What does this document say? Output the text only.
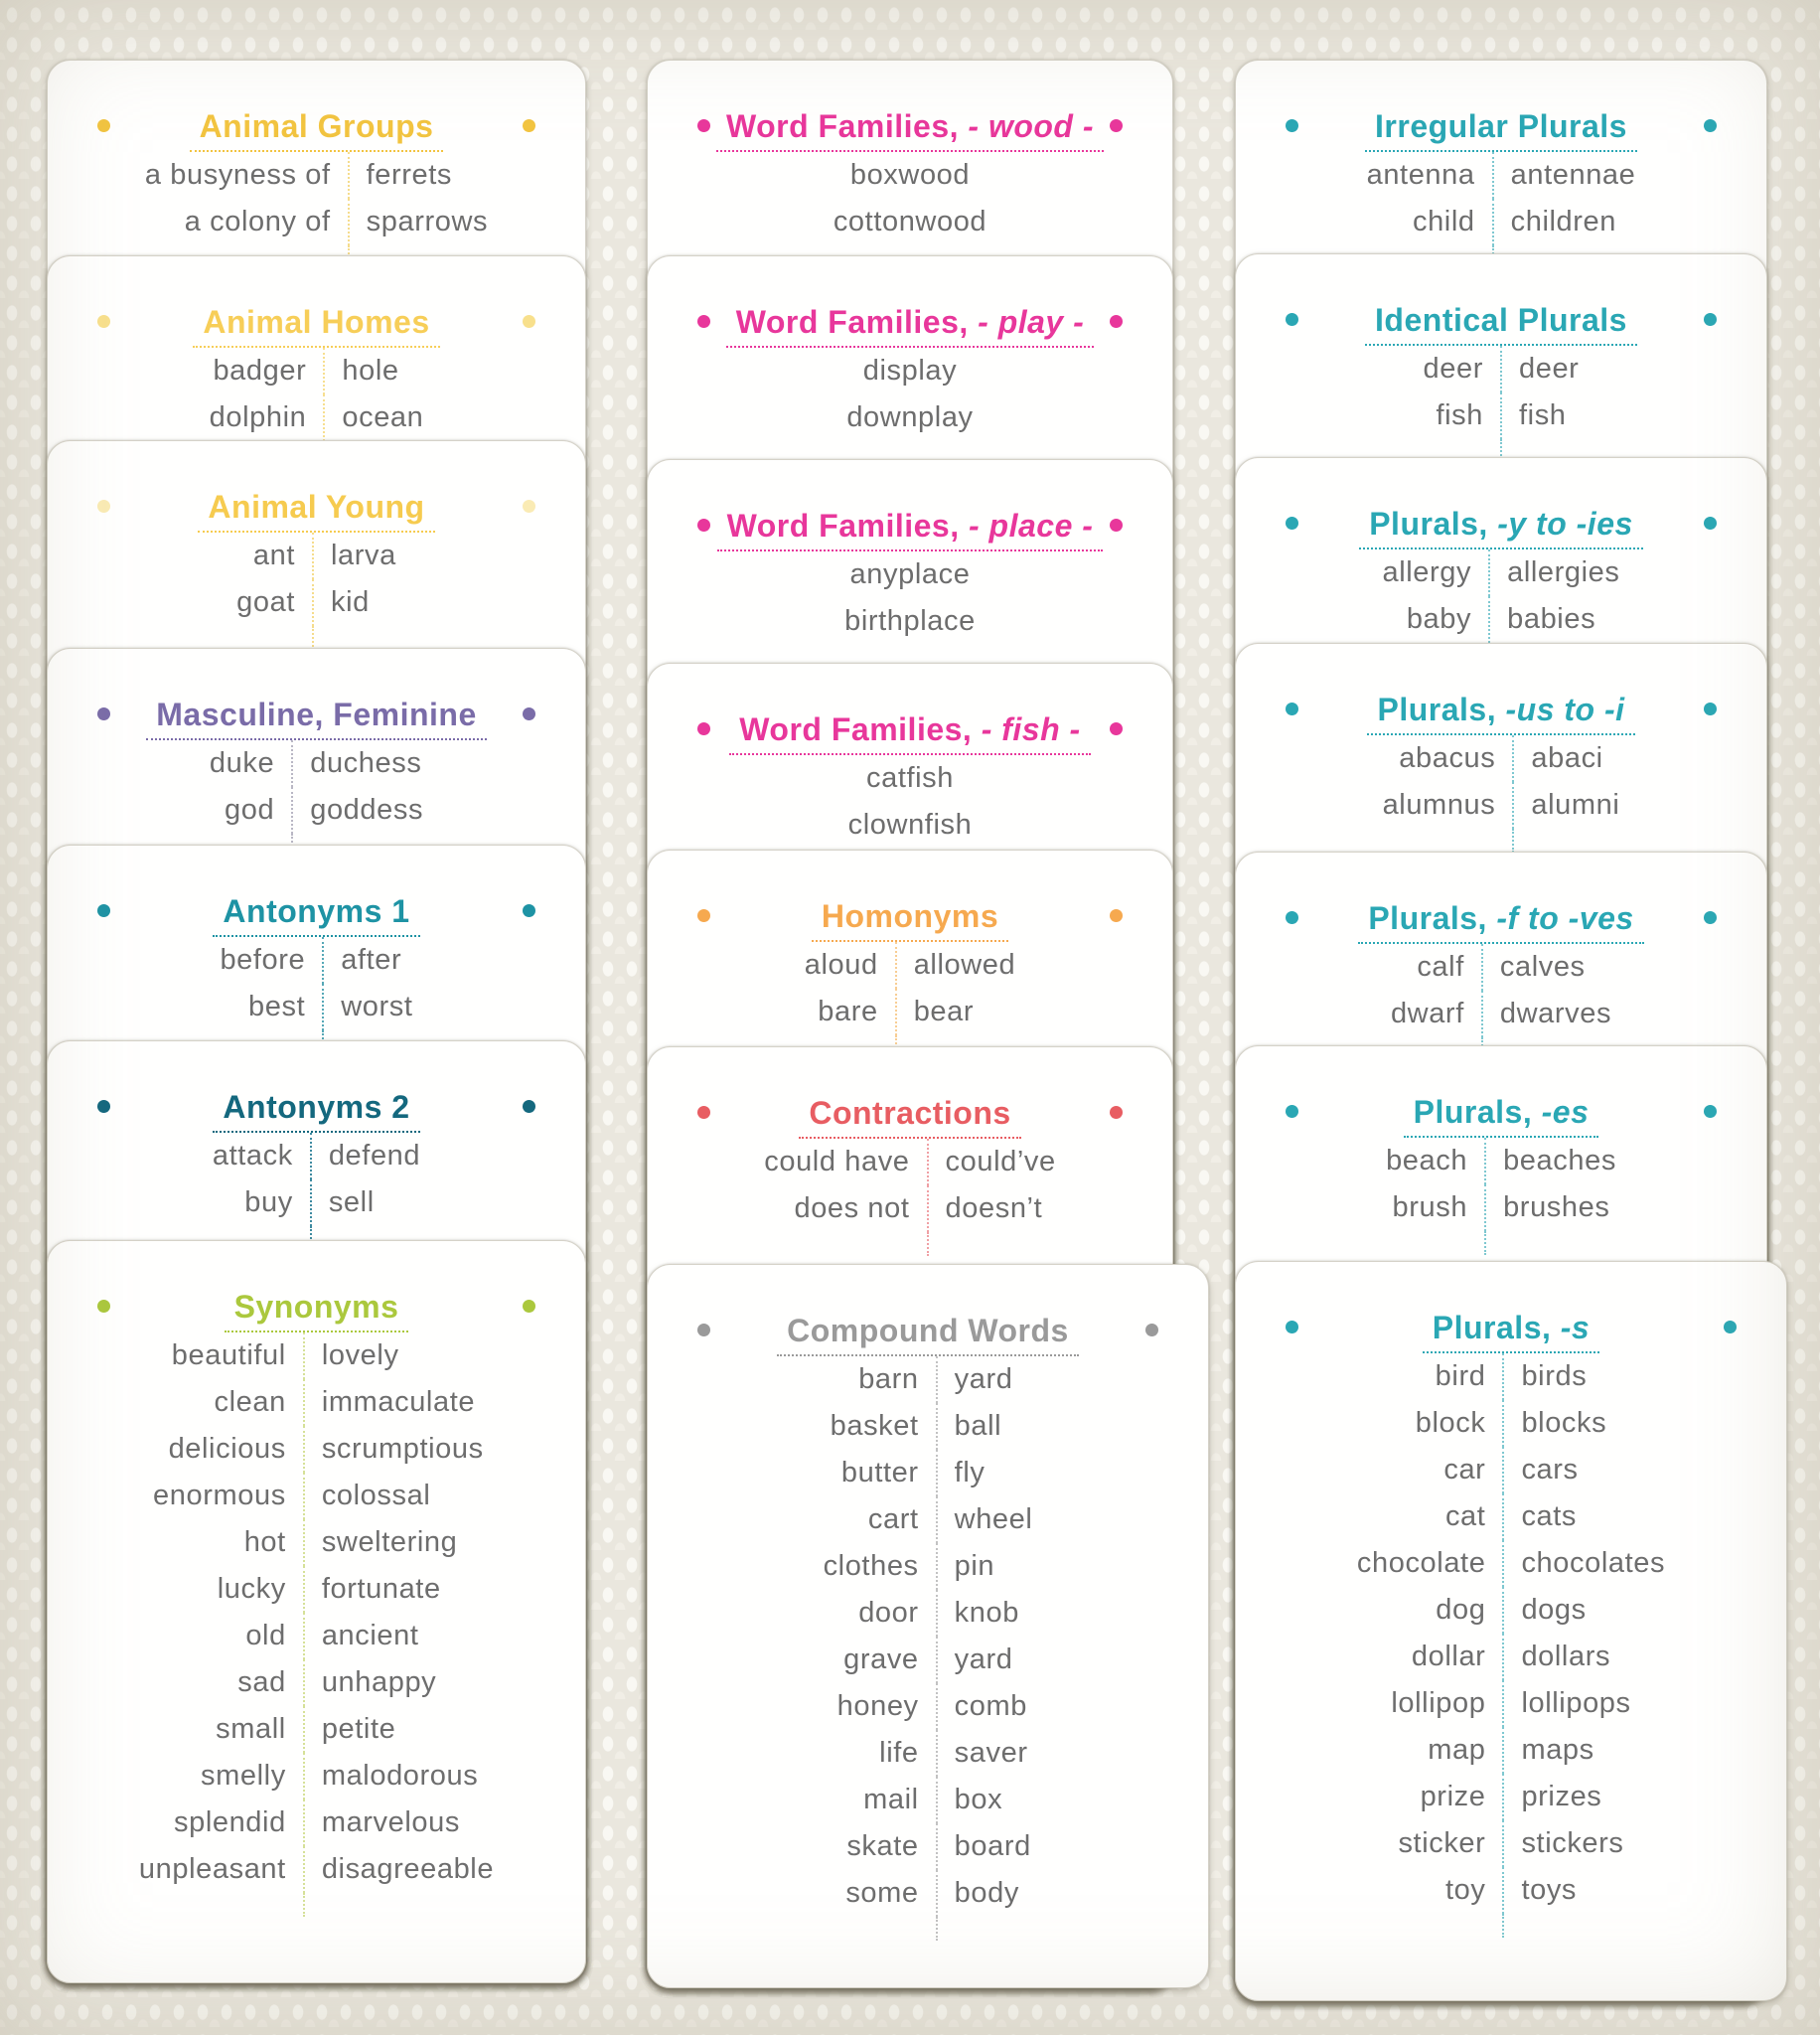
Animal Groups
a busyness of	ferrets
a colony of	sparrows
Animal Homes
badger	hole
dolphin	ocean
Animal Young
ant	larva
goat	kid
Masculine, Feminine
duke	duchess
god	goddess
Antonyms 1
before	after
best	worst
Antonyms 2
attack	defend
buy	sell
Synonyms
beautiful	lovely
clean	immaculate
delicious	scrumptious
enormous	colossal
hot	sweltering
lucky	fortunate
old	ancient
sad	unhappy
small	petite
smelly	malodorous
splendid	marvelous
unpleasant	disagreeable
Word Families, - wood -
boxwood
cottonwood
Word Families, - play -
display
downplay
Word Families, - place -
anyplace
birthplace
Word Families, - fish -
catfish
clownfish
Homonyms
aloud	allowed
bare	bear
Contractions
could have	could’ve
does not	doesn’t
Compound Words
barn	yard
basket	ball
butter	fly
cart	wheel
clothes	pin
door	knob
grave	yard
honey	comb
life	saver
mail	box
skate	board
some	body
Irregular Plurals
antenna	antennae
child	children
Identical Plurals
deer	deer
fish	fish
Plurals, -y to -ies
allergy	allergies
baby	babies
Plurals, -us to -i
abacus	abaci
alumnus	alumni
Plurals, -f to -ves
calf	calves
dwarf	dwarves
Plurals, -es
beach	beaches
brush	brushes
Plurals, -s
bird	birds
block	blocks
car	cars
cat	cats
chocolate	chocolates
dog	dogs
dollar	dollars
lollipop	lollipops
map	maps
prize	prizes
sticker	stickers
toy	toys
